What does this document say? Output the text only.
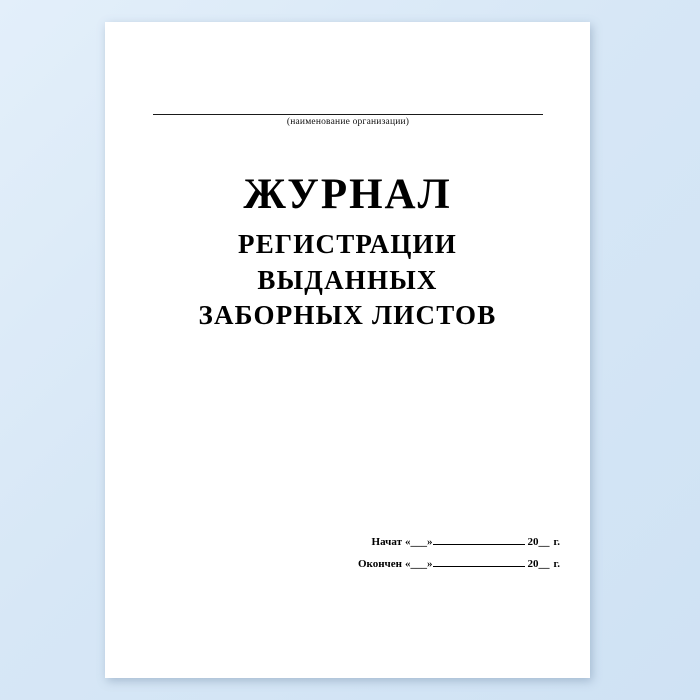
(наименование организации)
ЖУРНАЛ
РЕГИСТРАЦИИ
ВЫДАННЫХ
ЗАБОРНЫХ ЛИСТОВ
Начат «___»	20 __ г.
Окончен «___»	20 __ г.
